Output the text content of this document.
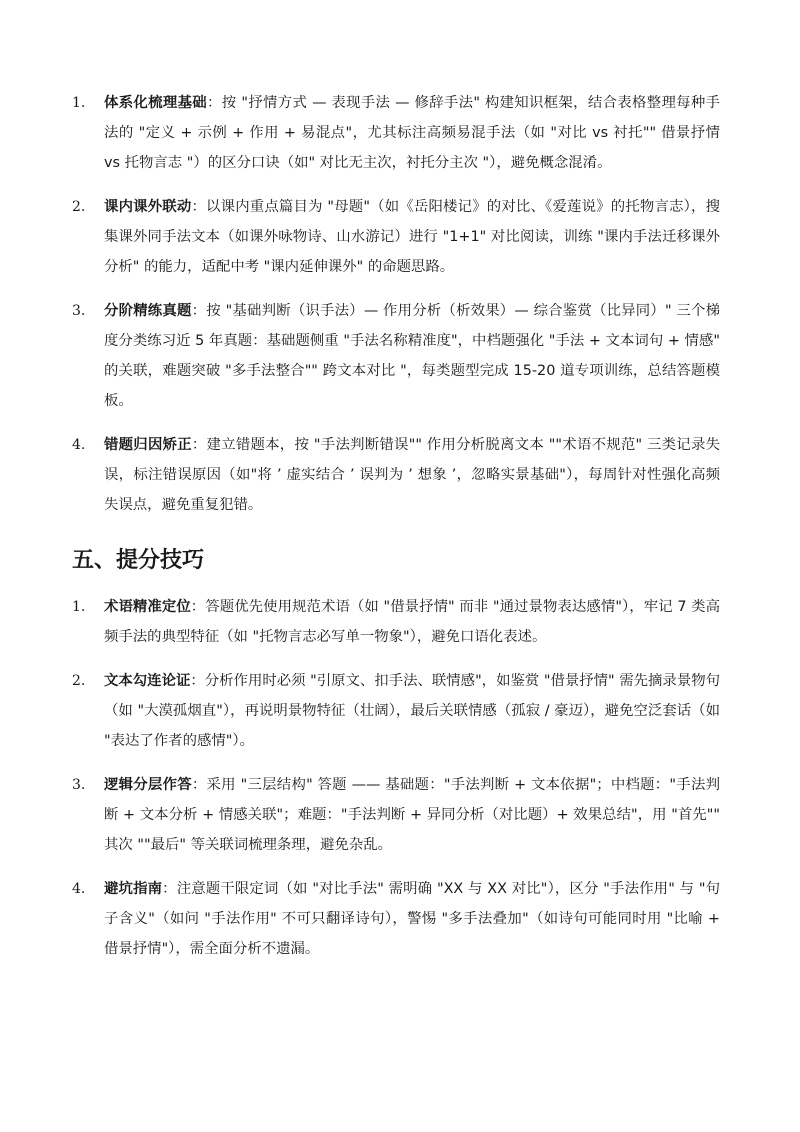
1.	体系化梳理基础：按 "抒情方式 — 表现手法 — 修辞手法" 构建知识框架，结合表格整理每种手法的 "定义 + 示例 + 作用 + 易混点"，尤其标注高频易混手法（如 "对比 vs 衬托"" 借景抒情 vs 托物言志 "）的区分口诀（如" 对比无主次，衬托分主次 "），避免概念混淆。
2.	课内课外联动：以课内重点篇目为 "母题"（如《岳阳楼记》的对比、《爱莲说》的托物言志），搜集课外同手法文本（如课外咏物诗、山水游记）进行 "1+1" 对比阅读，训练 "课内手法迁移课外分析" 的能力，适配中考 "课内延伸课外" 的命题思路。
3.	分阶精练真题：按 "基础判断（识手法）— 作用分析（析效果）— 综合鉴赏（比异同）" 三个梯度分类练习近 5 年真题：基础题侧重 "手法名称精准度"，中档题强化 "手法 + 文本词句 + 情感" 的关联，难题突破 "多手法整合"" 跨文本对比 "，每类题型完成 15-20 道专项训练，总结答题模板。
4.	错题归因矫正：建立错题本，按 "手法判断错误"" 作用分析脱离文本 ""术语不规范" 三类记录失误，标注错误原因（如"将 ’ 虚实结合 ’ 误判为 ’ 想象 ’，忽略实景基础"），每周针对性强化高频失误点，避免重复犯错。
五、提分技巧
1.	术语精准定位：答题优先使用规范术语（如 "借景抒情" 而非 "通过景物表达感情"），牢记 7 类高频手法的典型特征（如 "托物言志必写单一物象"），避免口语化表述。
2.	文本勾连论证：分析作用时必须 "引原文、扣手法、联情感"，如鉴赏 "借景抒情" 需先摘录景物句（如 "大漠孤烟直"），再说明景物特征（壮阔），最后关联情感（孤寂 / 豪迈），避免空泛套话（如 "表达了作者的感情"）。
3.	逻辑分层作答：采用 "三层结构" 答题 —— 基础题："手法判断 + 文本依据"；中档题："手法判断 + 文本分析 + 情感关联"；难题："手法判断 + 异同分析（对比题）+ 效果总结"，用 "首先"" 其次 ""最后" 等关联词梳理条理，避免杂乱。
4.	避坑指南：注意题干限定词（如 "对比手法" 需明确 "XX 与 XX 对比"），区分 "手法作用" 与 "句子含义"（如问 "手法作用" 不可只翻译诗句），警惕 "多手法叠加"（如诗句可能同时用 "比喻 + 借景抒情"），需全面分析不遗漏。
